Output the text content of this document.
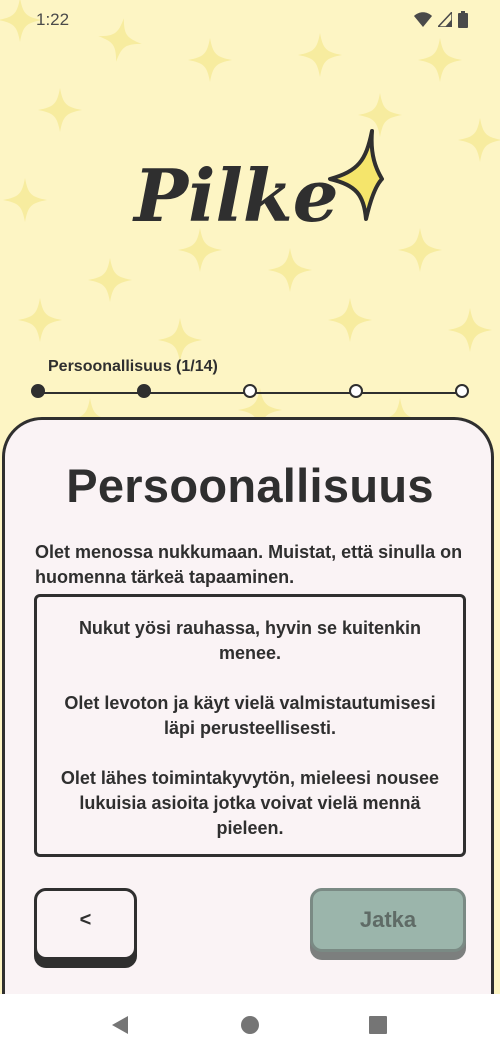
1:22
Pilke
Persoonallisuus (1/14)
Persoonallisuus
Olet menossa nukkumaan. Muistat, että sinulla on huomenna tärkeä tapaaminen.
Nukut yösi rauhassa, hyvin se kuitenkin menee.
Olet levoton ja käyt vielä valmistautumisesi läpi perusteellisesti.
Olet lähes toimintakyvytön, mieleesi nousee lukuisia asioita jotka voivat vielä mennä pieleen.
<	Jatka
